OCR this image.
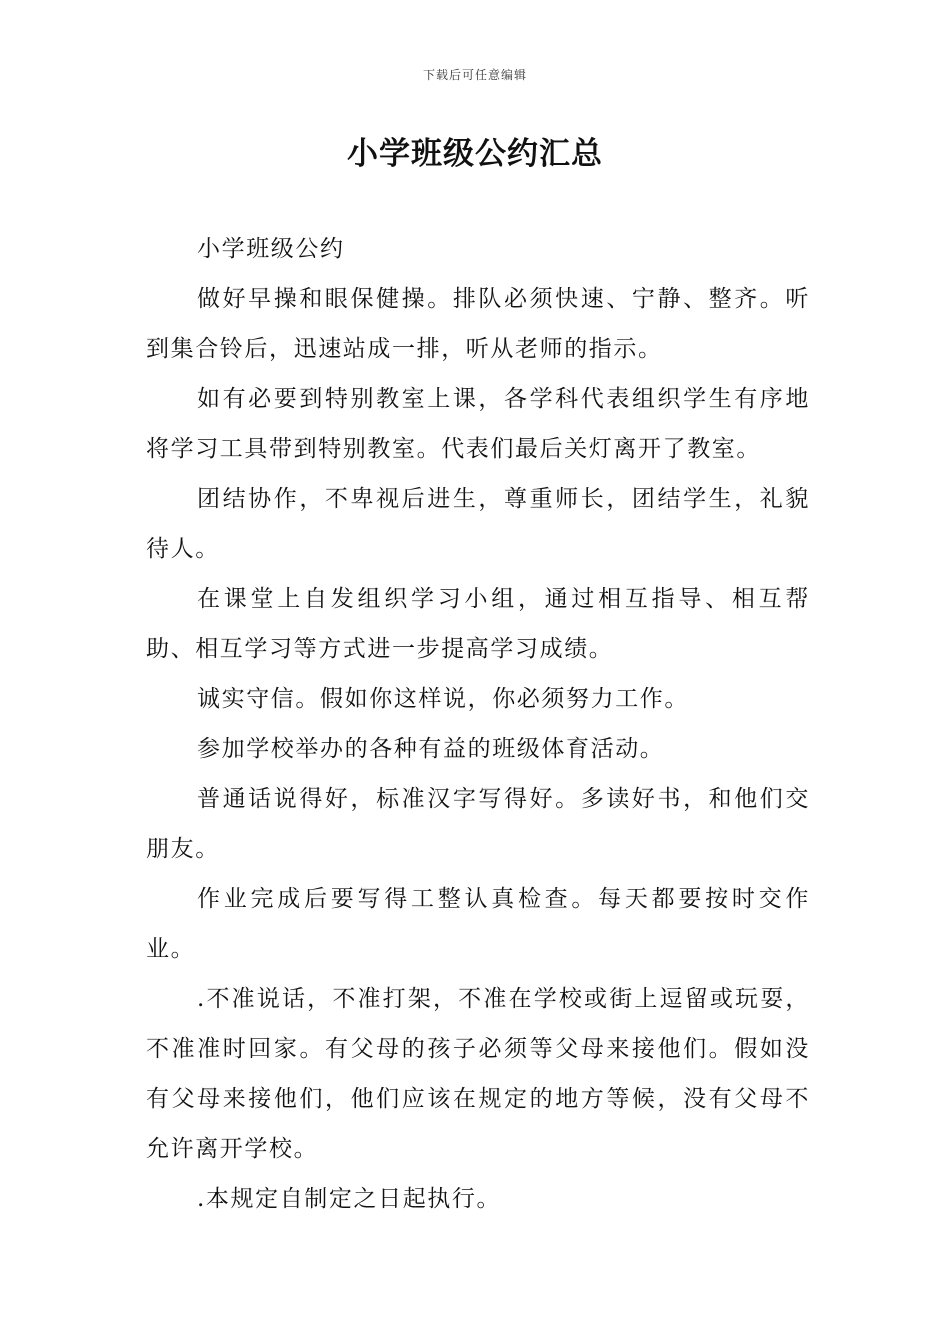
下载后可任意编辑
小学班级公约汇总

小学班级公约

做好早操和眼保健操。排队必须快速、宁静、整齐。听到集合铃后，迅速站成一排，听从老师的指示。

如有必要到特别教室上课，各学科代表组织学生有序地将学习工具带到特别教室。代表们最后关灯离开了教室。

团结协作，不卑视后进生，尊重师长，团结学生，礼貌待人。

在课堂上自发组织学习小组，通过相互指导、相互帮助、相互学习等方式进一步提高学习成绩。

诚实守信。假如你这样说，你必须努力工作。

参加学校举办的各种有益的班级体育活动。

普通话说得好，标准汉字写得好。多读好书，和他们交朋友。

作业完成后要写得工整认真检查。每天都要按时交作业。

.不准说话，不准打架，不准在学校或街上逗留或玩耍，不准准时回家。有父母的孩子必须等父母来接他们。假如没有父母来接他们，他们应该在规定的地方等候，没有父母不允许离开学校。

.本规定自制定之日起执行。
